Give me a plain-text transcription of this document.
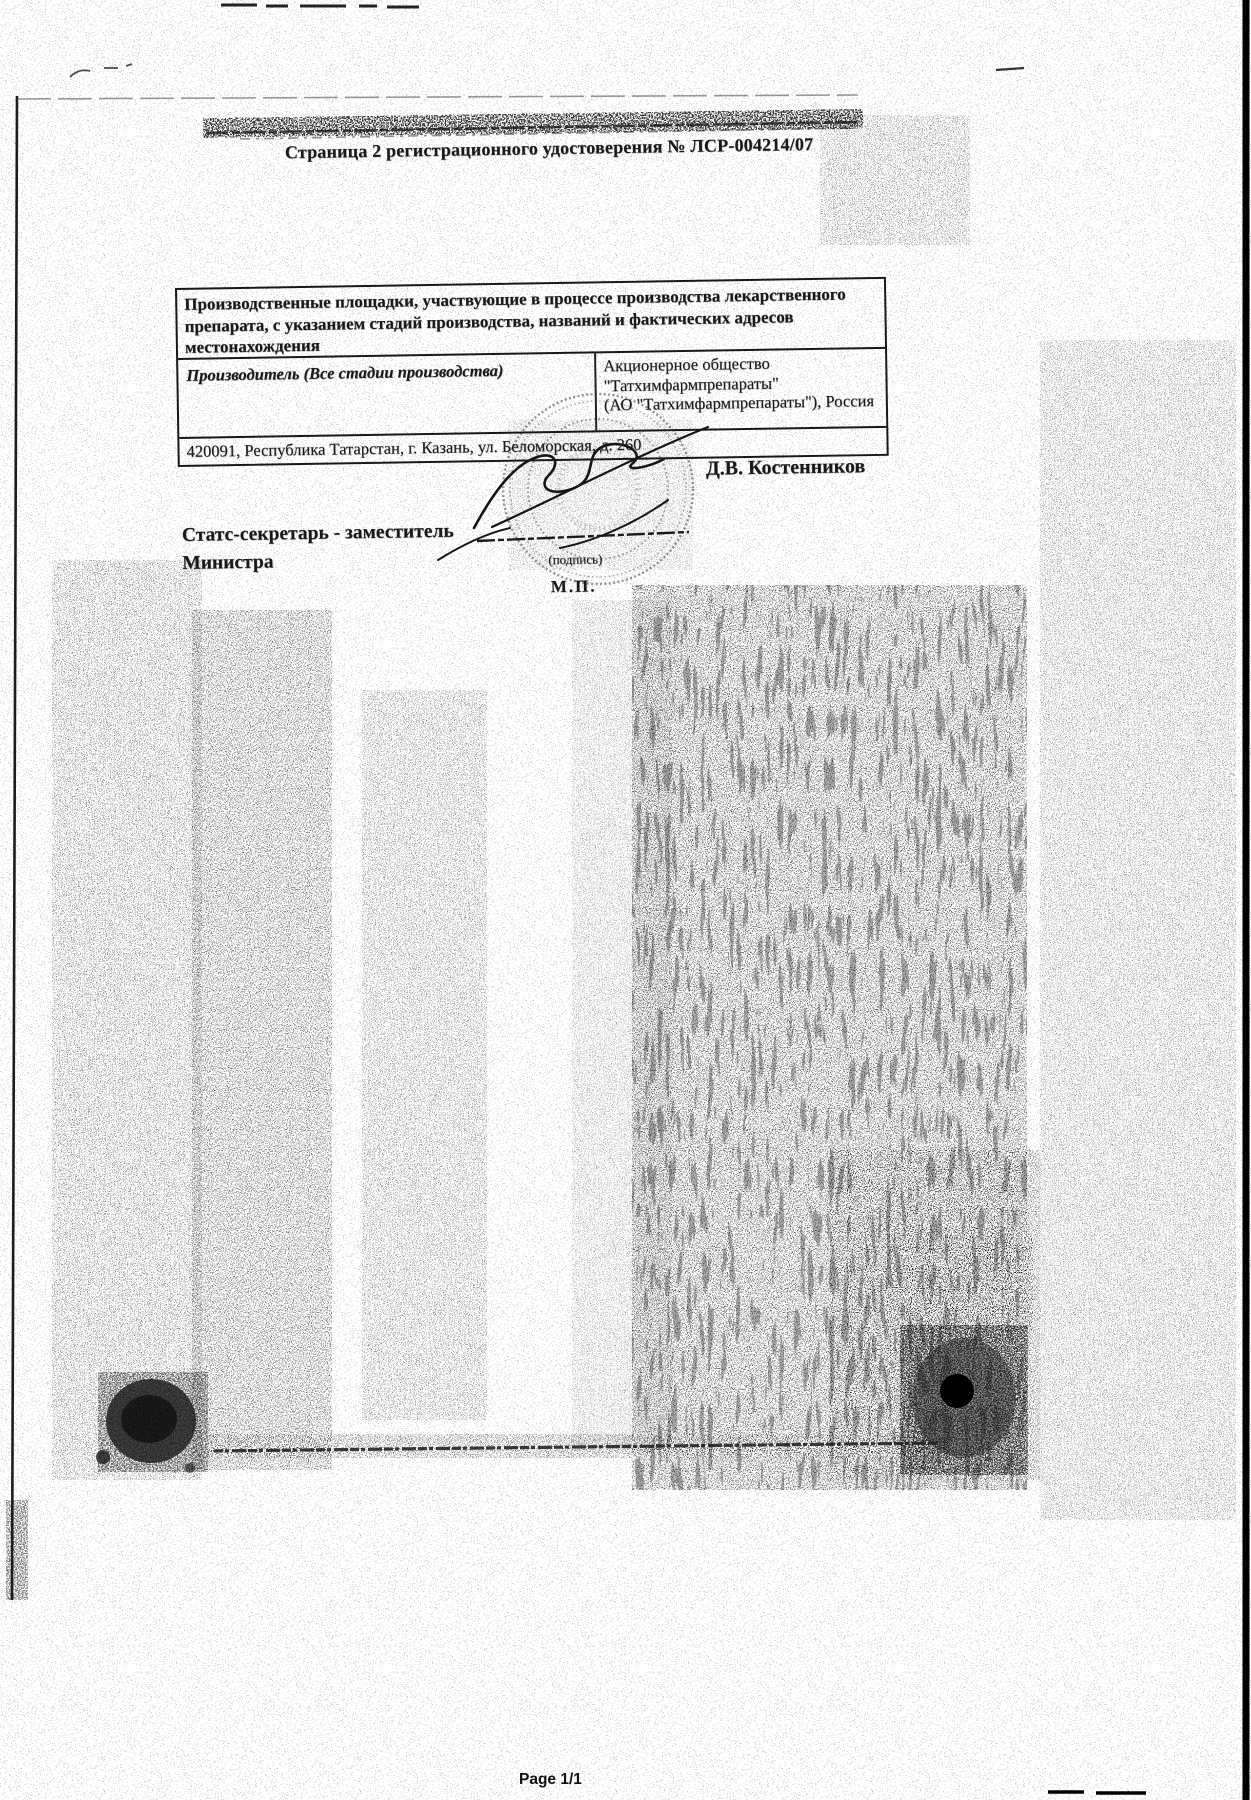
Страница 2 регистрационного удостоверения № ЛСР-004214/07
Производственные площадки, участвующие в процессе производства лекарственного
препарата, с указанием стадий производства, названий и фактических адресов
местонахождения
Производитель (Все стадии производства)	Акционерное общество
"Татхимфармпрепараты"
(АО "Татхимфармпрепараты"), Россия
420091, Республика Татарстан, г. Казань, ул. Беломорская, д. 260
Статс-секретарь - заместитель
Министра
Д.В. Костенников
(подпись)
М.П.
Page 1/1
